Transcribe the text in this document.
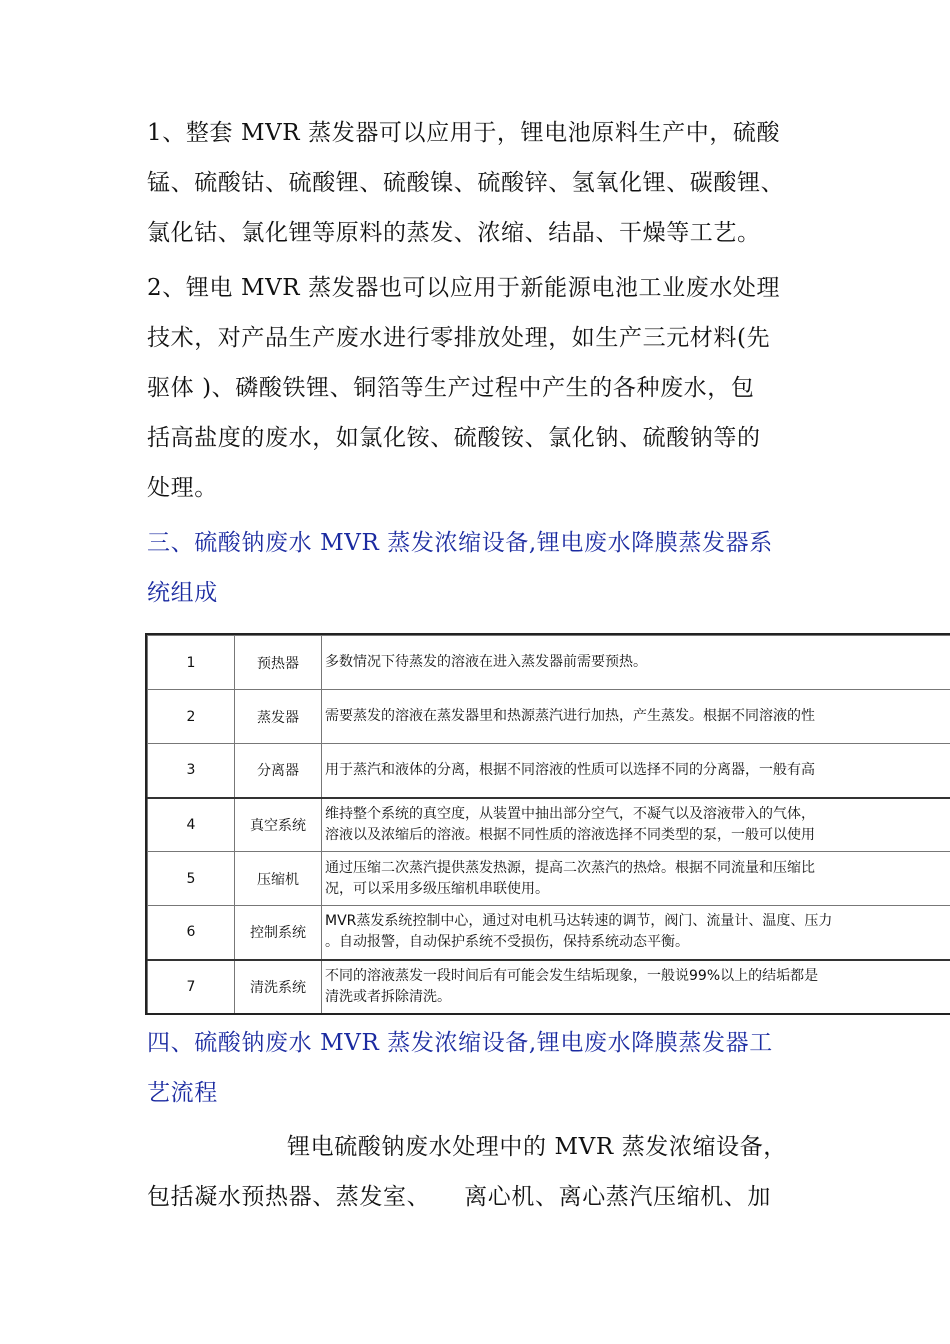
1、整套 MVR 蒸发器可以应用于，锂电池原料生产中，硫酸
锰、硫酸钴、硫酸锂、硫酸镍、硫酸锌、氢氧化锂、碳酸锂、
氯化钴、氯化锂等原料的蒸发、浓缩、结晶、干燥等工艺。
2、锂电 MVR 蒸发器也可以应用于新能源电池工业废水处理
技术，对产品生产废水进行零排放处理，如生产三元材料(先
驱体 )、磷酸铁锂、铜箔等生产过程中产生的各种废水，包
括高盐度的废水，如氯化铵、硫酸铵、氯化钠、硫酸钠等的
处理。
三、硫酸钠废水 MVR 蒸发浓缩设备,锂电废水降膜蒸发器系
统组成
1	预热器	多数情况下待蒸发的溶液在进入蒸发器前需要预热。
2	蒸发器	需要蒸发的溶液在蒸发器里和热源蒸汽进行加热，产生蒸发。根据不同溶液的性
3	分离器	用于蒸汽和液体的分离，根据不同溶液的性质可以选择不同的分离器，一般有高
4	真空系统	维持整个系统的真空度，从装置中抽出部分空气，不凝气以及溶液带入的气体，
溶液以及浓缩后的溶液。根据不同性质的溶液选择不同类型的泵，一般可以使用
5	压缩机	通过压缩二次蒸汽提供蒸发热源，提高二次蒸汽的热焓。根据不同流量和压缩比
况，可以采用多级压缩机串联使用。
6	控制系统	MVR蒸发系统控制中心，通过对电机马达转速的调节，阀门、流量计、温度、压力
。自动报警，自动保护系统不受损伤，保持系统动态平衡。
7	清洗系统	不同的溶液蒸发一段时间后有可能会发生结垢现象，一般说99%以上的结垢都是
清洗或者拆除清洗。
四、硫酸钠废水 MVR 蒸发浓缩设备,锂电废水降膜蒸发器工
艺流程
锂电硫酸钠废水处理中的 MVR 蒸发浓缩设备，
包括凝水预热器、蒸发室、 离心机、离心蒸汽压缩机、加
